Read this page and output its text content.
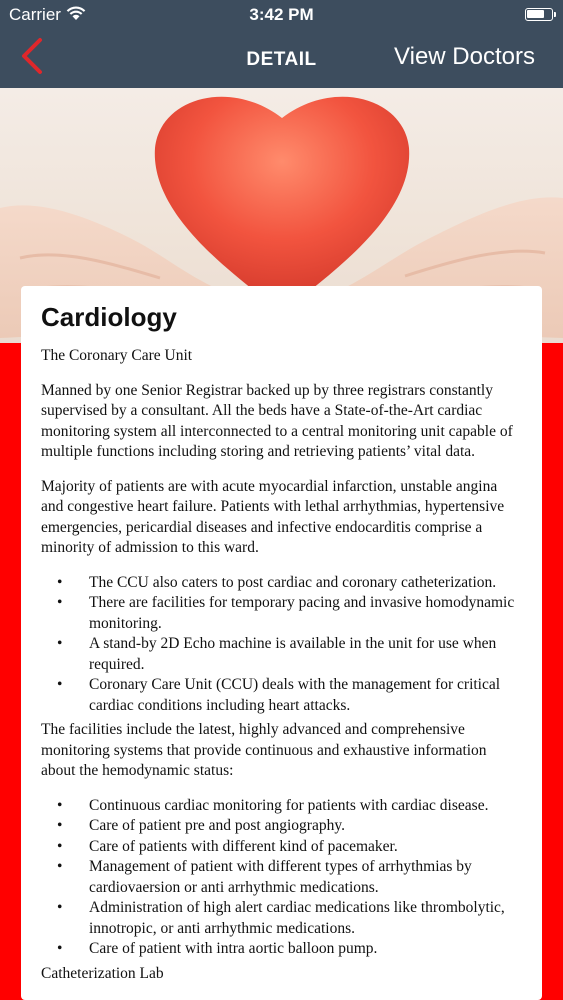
Carrier	3:42 PM
DETAIL	View Doctors
Cardiology

The Coronary Care Unit

Manned by one Senior Registrar backed up by three registrars constantly supervised by a consultant. All the beds have a State-of-the-Art cardiac monitoring system all interconnected to a central monitoring unit capable of multiple functions including storing and retrieving patients’ vital data.

Majority of patients are with acute myocardial infarction, unstable angina and congestive heart failure. Patients with lethal arrhythmias, hypertensive emergencies, pericardial diseases and infective endocarditis comprise a minority of admission to this ward.

• The CCU also caters to post cardiac and coronary catheterization.
• There are facilities for temporary pacing and invasive homodynamic monitoring.
• A stand-by 2D Echo machine is available in the unit for use when required.
• Coronary Care Unit (CCU) deals with the management for critical cardiac conditions including heart attacks.

The facilities include the latest, highly advanced and comprehensive monitoring systems that provide continuous and exhaustive information about the hemodynamic status:

• Continuous cardiac monitoring for patients with cardiac disease.
• Care of patient pre and post angiography.
• Care of patients with different kind of pacemaker.
• Management of patient with different types of arrhythmias by cardiovaersion or anti arrhythmic medications.
• Administration of high alert cardiac medications like thrombolytic, innotropic, or anti arrhythmic medications.
• Care of patient with intra aortic balloon pump.

Catheterization Lab
